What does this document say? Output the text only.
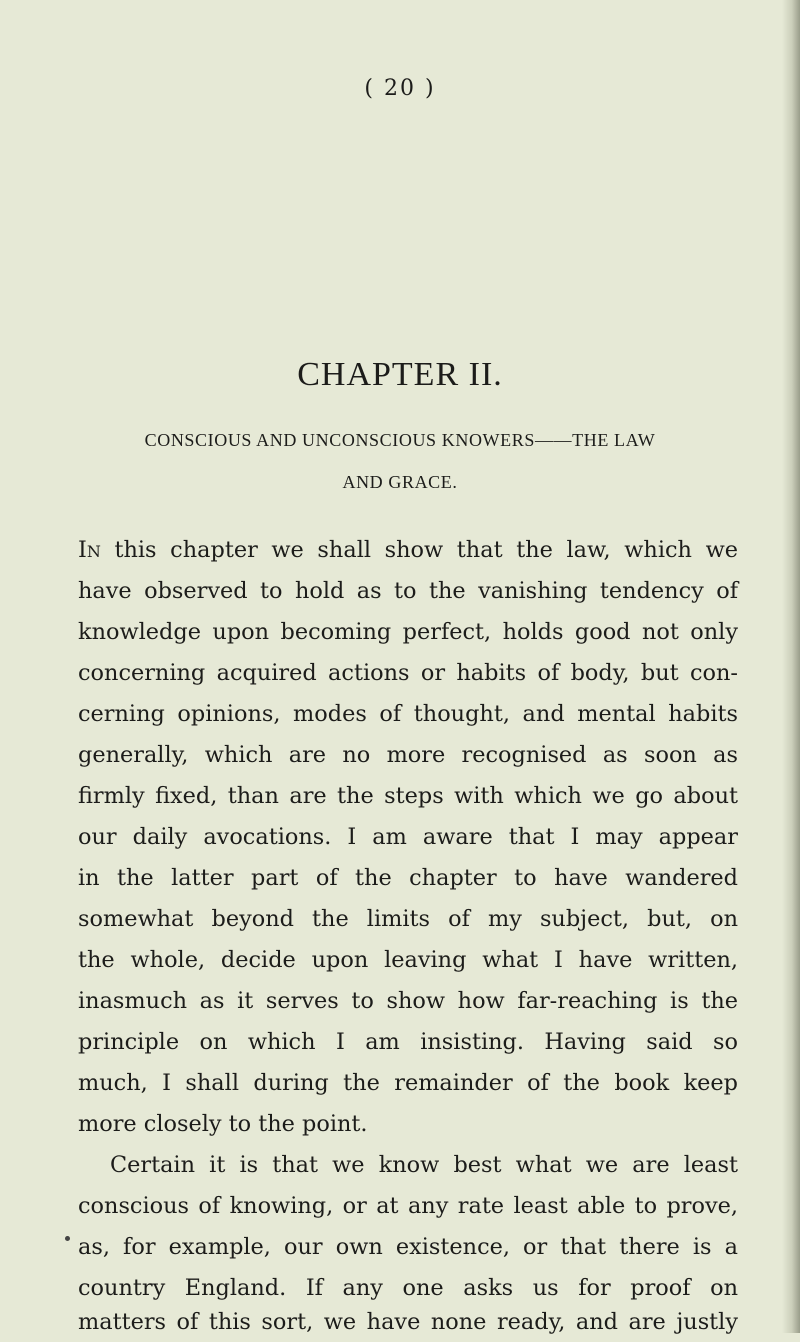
( 20 )
CHAPTER II.
CONSCIOUS AND UNCONSCIOUS KNOWERS——THE LAW
AND GRACE.
In this chapter we shall show that the law, which we
have observed to hold as to the vanishing tendency of
knowledge upon becoming perfect, holds good not only
concerning acquired actions or habits of body, but con-
cerning opinions, modes of thought, and mental habits
generally, which are no more recognised as soon as
firmly fixed, than are the steps with which we go about
our daily avocations. I am aware that I may appear
in the latter part of the chapter to have wandered
somewhat beyond the limits of my subject, but, on
the whole, decide upon leaving what I have written,
inasmuch as it serves to show how far-reaching is the
principle on which I am insisting. Having said so
much, I shall during the remainder of the book keep
more closely to the point.
Certain it is that we know best what we are least
conscious of knowing, or at any rate least able to prove,
as, for example, our own existence, or that there is a
country England. If any one asks us for proof on
matters of this sort, we have none ready, and are justly
